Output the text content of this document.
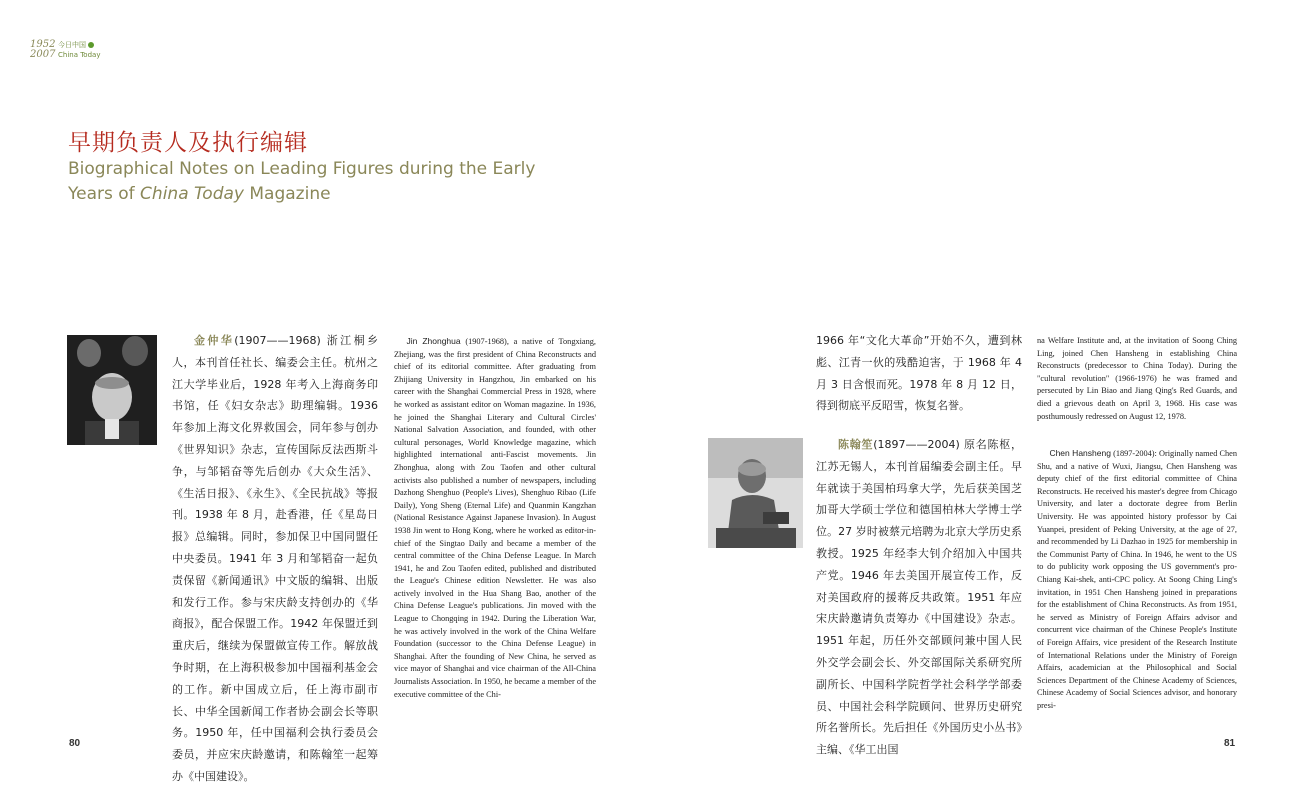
1952
2007
今日中国
China Today
早期负责人及执行编辑
Biographical Notes on Leading Figures during the Early
Years of China Today Magazine
金仲华(1907——1968) 浙江桐乡人，本刊首任社长、编委会主任。杭州之江大学毕业后，1928 年考入上海商务印书馆，任《妇女杂志》助理编辑。1936 年参加上海文化界救国会，同年参与创办《世界知识》杂志，宣传国际反法西斯斗争，与邹韬奋等先后创办《大众生活》、《生活日报》、《永生》、《全民抗战》等报刊。1938 年 8 月，赴香港，任《星岛日报》总编辑。同时，参加保卫中国同盟任中央委员。1941 年 3 月和邹韬奋一起负责保留《新闻通讯》中文版的编辑、出版和发行工作。参与宋庆龄支持创办的《华商报》，配合保盟工作。1942 年保盟迁到重庆后，继续为保盟做宣传工作。解放战争时期，在上海积极参加中国福利基金会的工作。新中国成立后，任上海市副市长、中华全国新闻工作者协会副会长等职务。1950 年，任中国福利会执行委员会委员，并应宋庆龄邀请，和陈翰笙一起筹办《中国建设》。
Jin Zhonghua (1907-1968), a native of Tongxiang, Zhejiang, was the first president of China Reconstructs and chief of its editorial committee. After graduating from Zhijiang University in Hangzhou, Jin embarked on his career with the Shanghai Commercial Press in 1928, where he worked as assistant editor on Woman magazine. In 1936, he joined the Shanghai Literary and Cultural Circles' National Salvation Association, and founded, with other cultural personages, World Knowledge magazine, which highlighted international anti-Fascist movements. Jin Zhonghua, along with Zou Taofen and other cultural activists also published a number of newspapers, including Dazhong Shenghuo (People's Lives), Shenghuo Ribao (Life Daily), Yong Sheng (Eternal Life) and Quanmin Kangzhan (National Resistance Against Japanese Invasion). In August 1938 Jin went to Hong Kong, where he worked as editor-in-chief of the Singtao Daily and became a member of the central committee of the China Defense League. In March 1941, he and Zou Taofen edited, published and distributed the League's Chinese edition Newsletter. He was also actively involved in the Hua Shang Bao, another of the China Defense League's publications. Jin moved with the League to Chongqing in 1942. During the Liberation War, he was actively involved in the work of the China Welfare Foundation (successor to the China Defense League) in Shanghai. After the founding of New China, he served as vice mayor of Shanghai and vice chairman of the All-China Journalists Association. In 1950, he became a member of the executive committee of the Chi-
80
1966 年“文化大革命”开始不久，遭到林彪、江青一伙的残酷迫害，于 1968 年 4 月 3 日含恨而死。1978 年 8 月 12 日，得到彻底平反昭雪，恢复名誉。
陈翰笙(1897——2004) 原名陈枢，江苏无锡人，本刊首届编委会副主任。早年就读于美国柏玛拿大学，先后获美国芝加哥大学硕士学位和德国柏林大学博士学位。27 岁时被蔡元培聘为北京大学历史系教授。1925 年经李大钊介绍加入中国共产党。1946 年去美国开展宣传工作，反对美国政府的援蒋反共政策。1951 年应宋庆龄邀请负责筹办《中国建设》杂志。1951 年起，历任外交部顾问兼中国人民外交学会副会长、外交部国际关系研究所副所长、中国科学院哲学社会科学学部委员、中国社会科学院顾问、世界历史研究所名誉所长。先后担任《外国历史小丛书》主编、《华工出国
na Welfare Institute and, at the invitation of Soong Ching Ling, joined Chen Hansheng in establishing China Reconstructs (predecessor to China Today). During the "cultural revolution" (1966-1976) he was framed and persecuted by Lin Biao and Jiang Qing's Red Guards, and died a grievous death on April 3, 1968. His case was posthumously redressed on August 12, 1978.
Chen Hansheng (1897-2004): Originally named Chen Shu, and a native of Wuxi, Jiangsu, Chen Hansheng was deputy chief of the first editorial committee of China Reconstructs. He received his master's degree from Chicago University, and later a doctorate degree from Berlin University. He was appointed history professor by Cai Yuanpei, president of Peking University, at the age of 27, and recommended by Li Dazhao in 1925 for membership in the Communist Party of China. In 1946, he went to the US to do publicity work opposing the US government's pro-Chiang Kai-shek, anti-CPC policy. At Soong Ching Ling's invitation, in 1951 Chen Hansheng joined in preparations for the establishment of China Reconstructs. As from 1951, he served as Ministry of Foreign Affairs advisor and concurrent vice chairman of the Chinese People's Institute of Foreign Affairs, vice president of the Research Institute of International Relations under the Ministry of Foreign Affairs, academician at the Philosophical and Social Sciences Department of the Chinese Academy of Sciences, Chinese Academy of Social Sciences advisor, and honorary presi-
81
